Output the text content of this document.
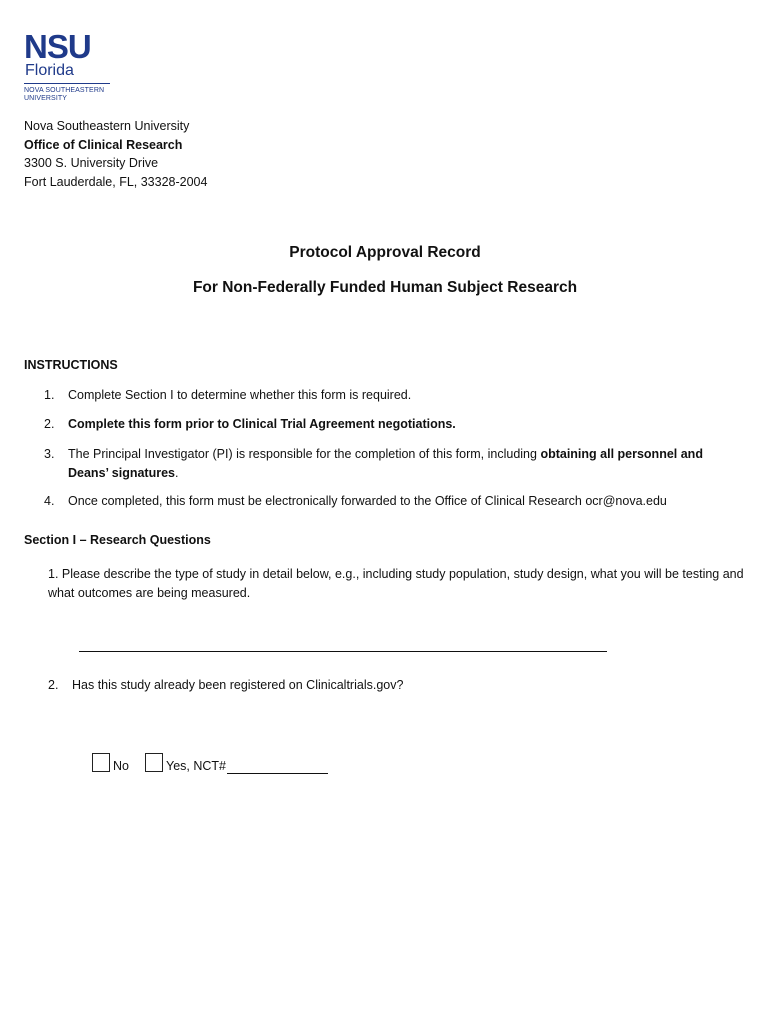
NSU
Florida
NOVA SOUTHEASTERN
UNIVERSITY
Nova Southeastern University
Office of Clinical Research
3300 S. University Drive
Fort Lauderdale, FL, 33328-2004
Protocol Approval Record
For Non-Federally Funded Human Subject Research
INSTRUCTIONS
1. Complete Section I to determine whether this form is required.
2. Complete this form prior to Clinical Trial Agreement negotiations.
3. The Principal Investigator (PI) is responsible for the completion of this form, including obtaining all personnel and Deans’ signatures.
4. Once completed, this form must be electronically forwarded to the Office of Clinical Research ocr@nova.edu
Section I – Research Questions
1. Please describe the type of study in detail below, e.g., including study population, study design, what you will be testing and what outcomes are being measured.
2. Has this study already been registered on Clinicaltrials.gov?
No	Yes, NCT#
